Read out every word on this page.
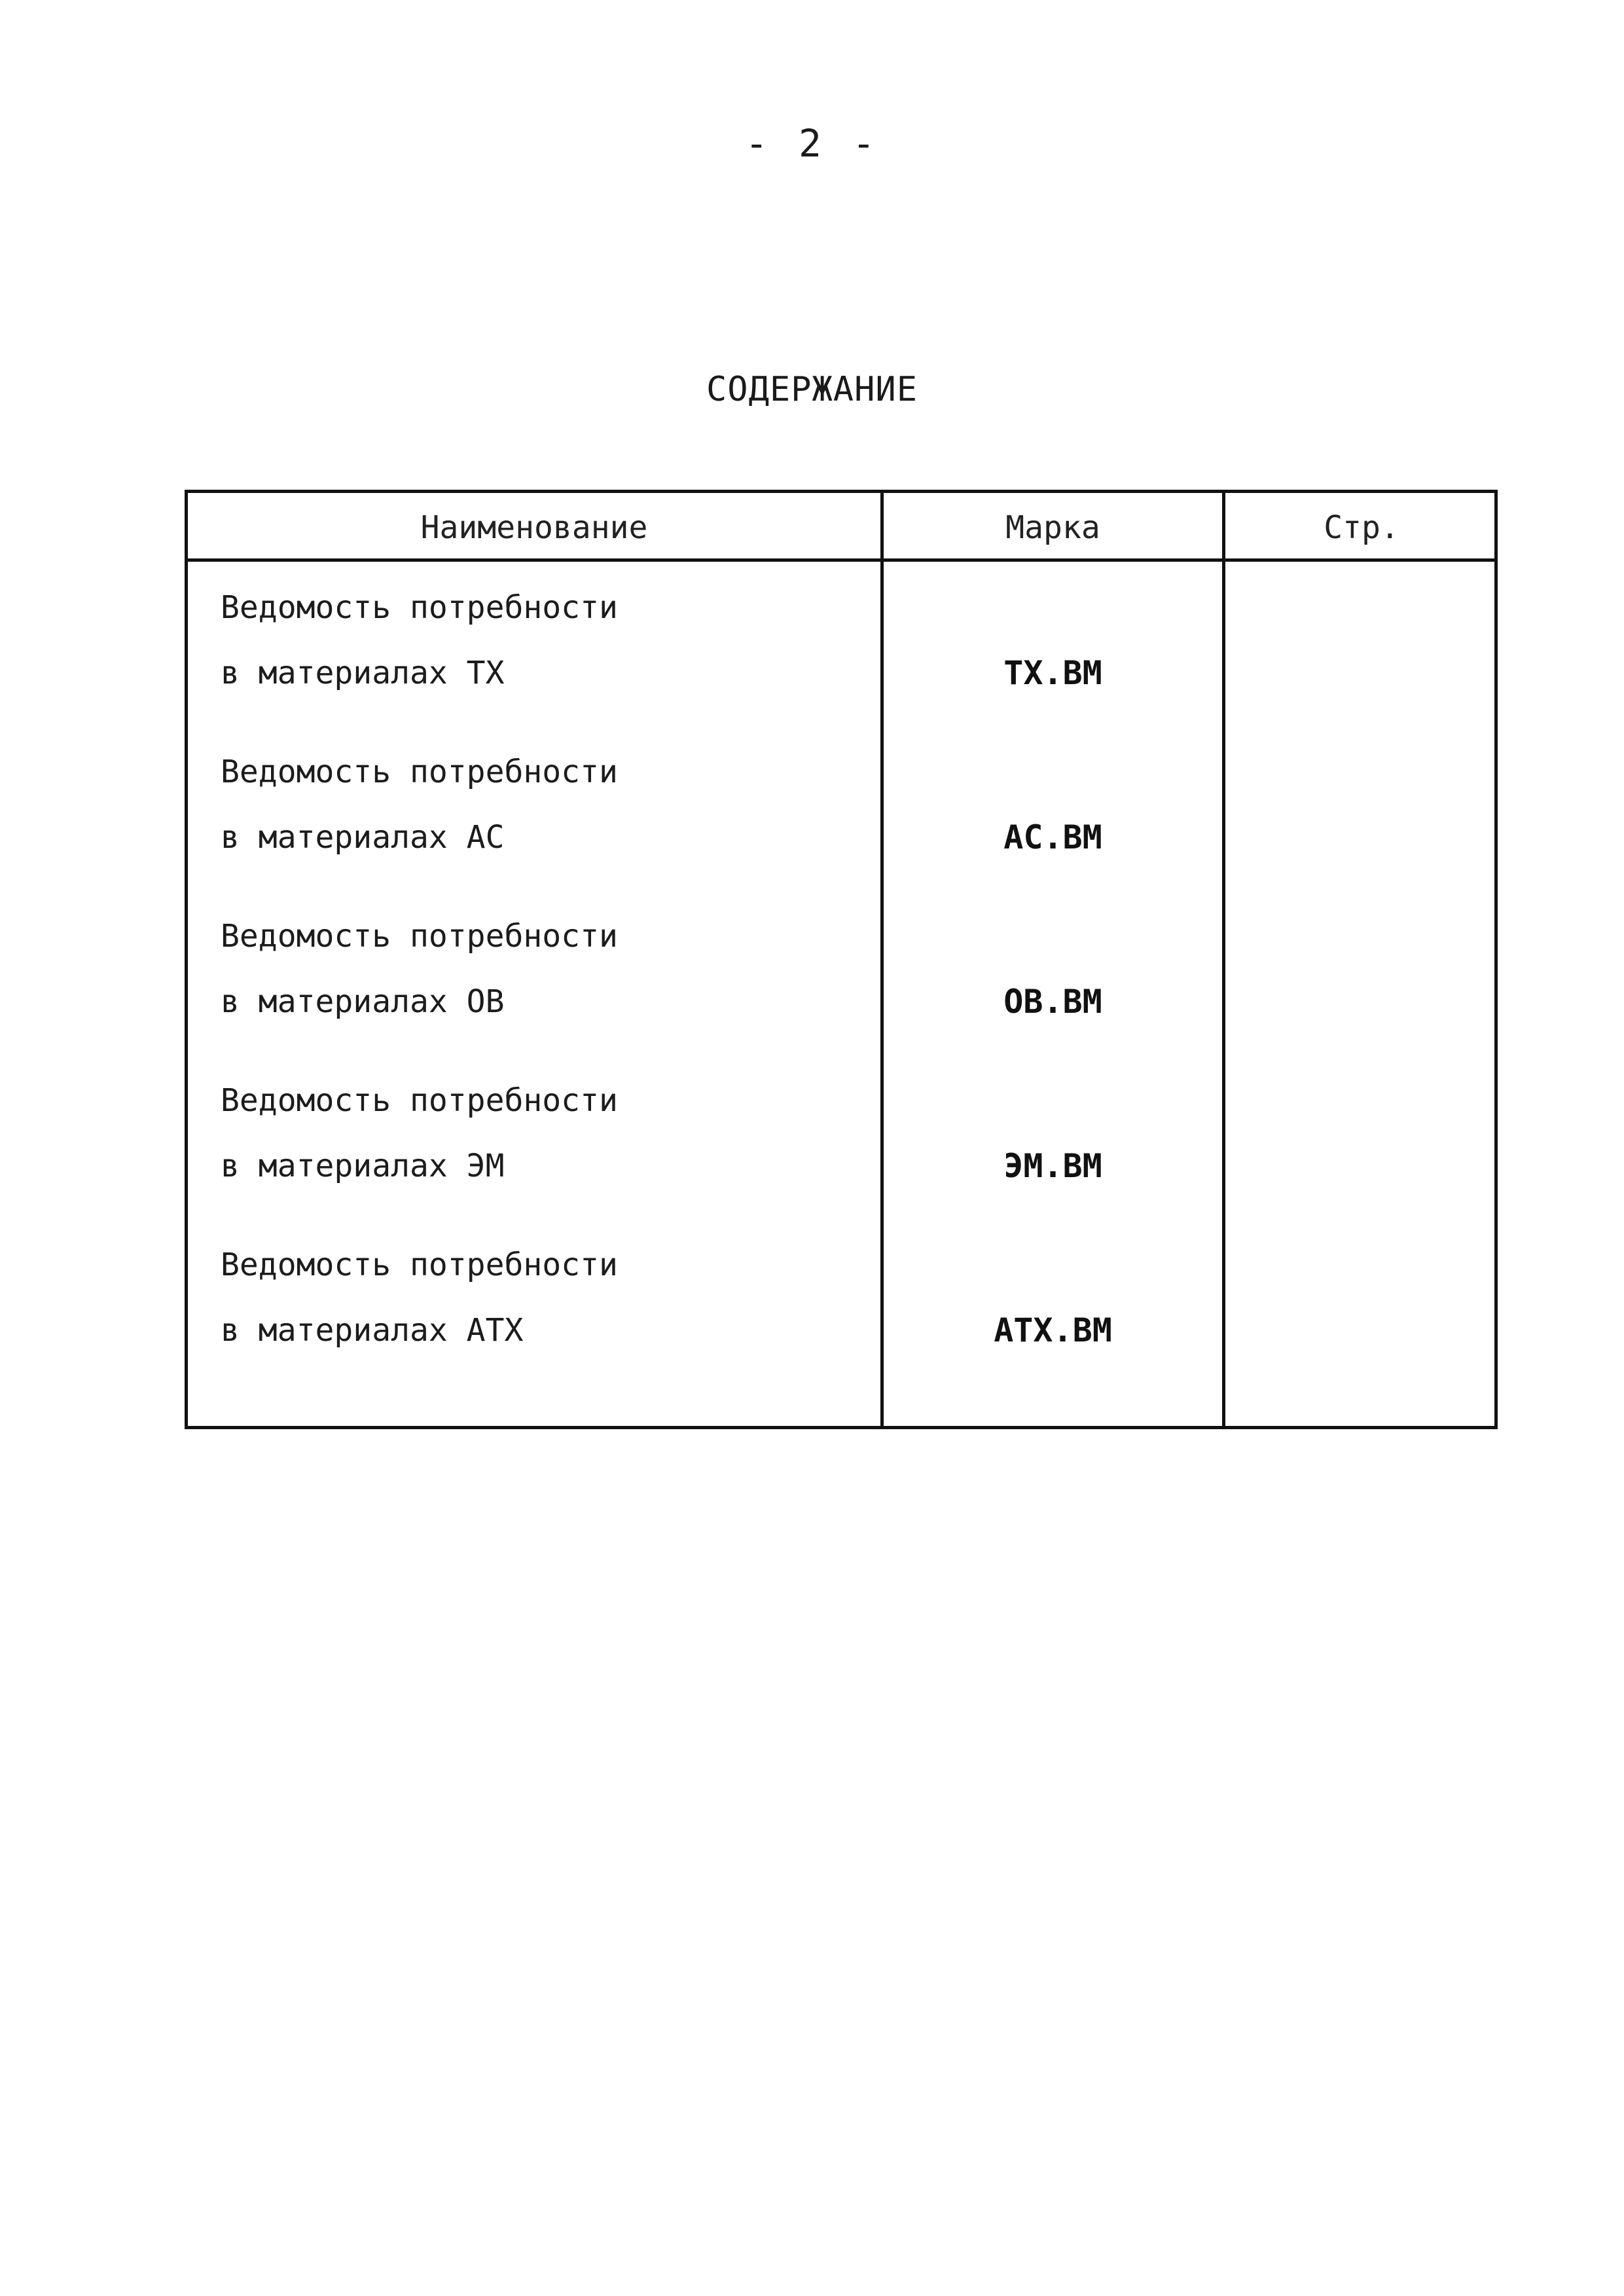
- 2 -
СОДЕРЖАНИЕ
Наименование	Марка	Стр.
Ведомость потребности
в материалах ТХ	ТХ.ВМ
Ведомость потребности
в материалах АС	АС.ВМ
Ведомость потребности
в материалах ОВ	ОВ.ВМ
Ведомость потребности
в материалах ЭМ	ЭМ.ВМ
Ведомость потребности
в материалах АТХ	АТХ.ВМ
